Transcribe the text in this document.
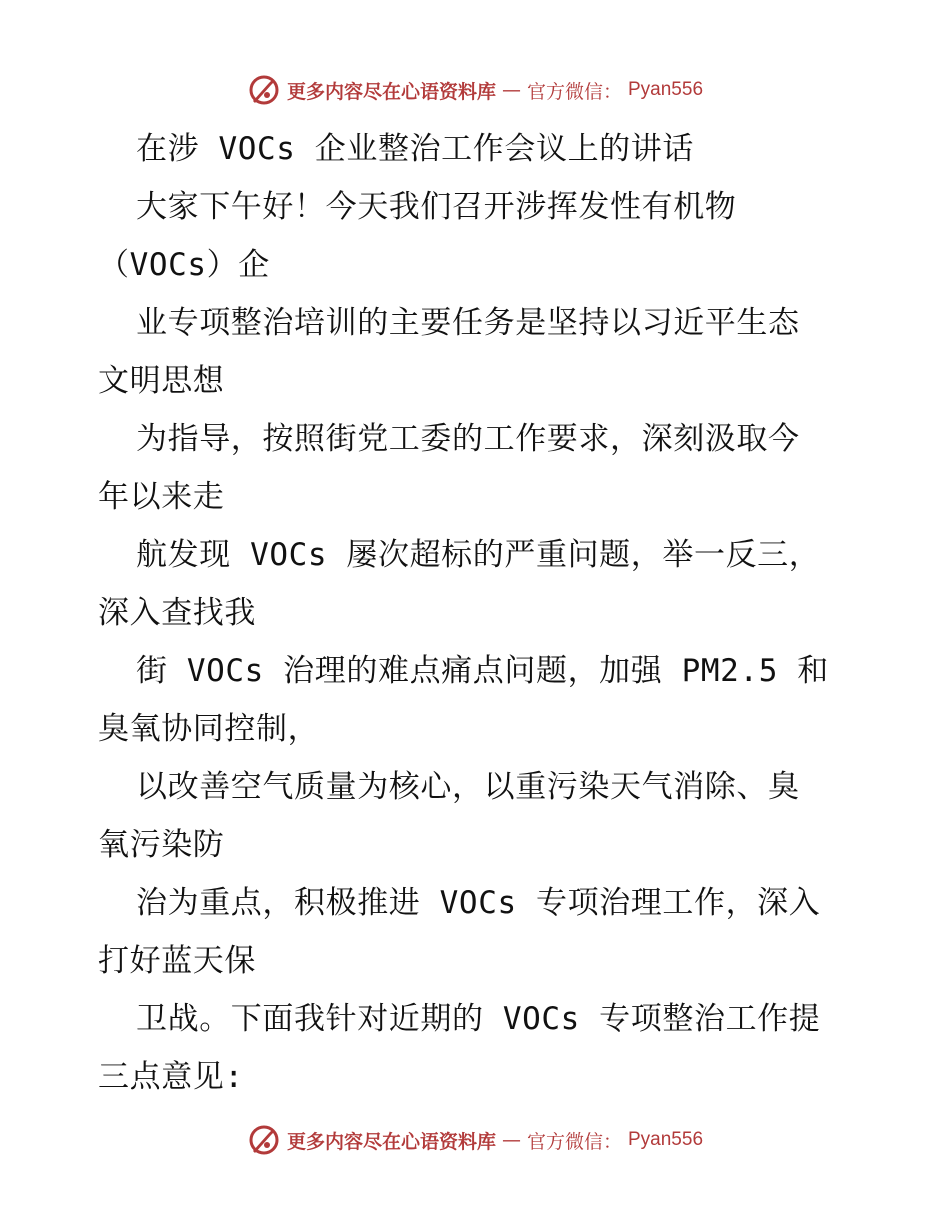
更多内容尽在心语资料库 — 官方微信： Pyan556
在涉 VOCs 企业整治工作会议上的讲话
大家下午好！今天我们召开涉挥发性有机物
（VOCs）企
业专项整治培训的主要任务是坚持以习近平生态
文明思想
为指导，按照街党工委的工作要求，深刻汲取今
年以来走
航发现 VOCs 屡次超标的严重问题，举一反三，
深入查找我
街 VOCs 治理的难点痛点问题，加强 PM2.5 和
臭氧协同控制，
以改善空气质量为核心，以重污染天气消除、臭
氧污染防
治为重点，积极推进 VOCs 专项治理工作，深入
打好蓝天保
卫战。下面我针对近期的 VOCs 专项整治工作提
三点意见:
更多内容尽在心语资料库 — 官方微信： Pyan556
